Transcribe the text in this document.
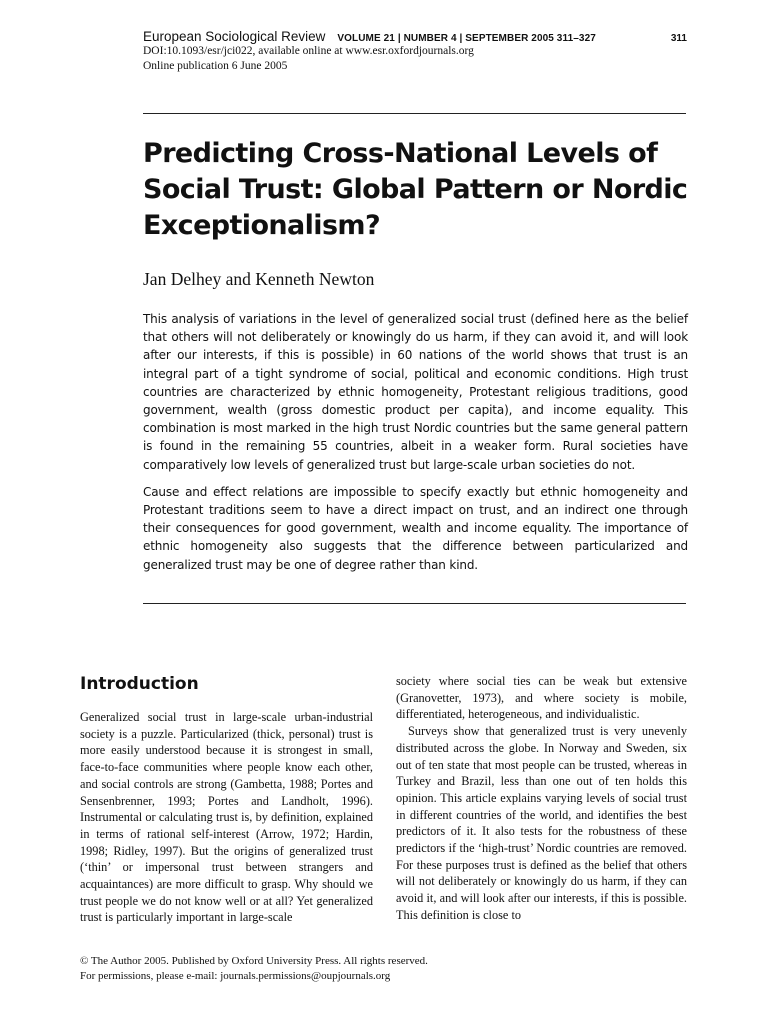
European Sociological Review VOLUME 21 | NUMBER 4 | SEPTEMBER 2005 311–327	311
DOI:10.1093/esr/jci022, available online at www.esr.oxfordjournals.org
Online publication 6 June 2005
Predicting Cross-National Levels of Social Trust: Global Pattern or Nordic Exceptionalism?

Jan Delhey and Kenneth Newton

This analysis of variations in the level of generalized social trust (defined here as the belief that others will not deliberately or knowingly do us harm, if they can avoid it, and will look after our interests, if this is possible) in 60 nations of the world shows that trust is an integral part of a tight syndrome of social, political and economic conditions. High trust countries are characterized by ethnic homogeneity, Protestant religious traditions, good government, wealth (gross domestic product per capita), and income equality. This combination is most marked in the high trust Nordic countries but the same general pattern is found in the remaining 55 countries, albeit in a weaker form. Rural societies have comparatively low levels of generalized trust but large-scale urban societies do not.

Cause and effect relations are impossible to specify exactly but ethnic homogeneity and Protestant traditions seem to have a direct impact on trust, and an indirect one through their consequences for good government, wealth and income equality. The importance of ethnic homogeneity also suggests that the difference between particularized and generalized trust may be one of degree rather than kind.

Introduction

Generalized social trust in large-scale urban-industrial society is a puzzle. Particularized (thick, personal) trust is more easily understood because it is strongest in small, face-to-face communities where people know each other, and social controls are strong (Gambetta, 1988; Portes and Sensenbrenner, 1993; Portes and Landholt, 1996). Instrumental or calculating trust is, by definition, explained in terms of rational self-interest (Arrow, 1972; Hardin, 1998; Ridley, 1997). But the origins of generalized trust (‘thin’ or impersonal trust between strangers and acquaintances) are more difficult to grasp. Why should we trust people we do not know well or at all? Yet generalized trust is particularly important in large-scale

society where social ties can be weak but extensive (Granovetter, 1973), and where society is mobile, differentiated, heterogeneous, and individualistic.

Surveys show that generalized trust is very unevenly distributed across the globe. In Norway and Sweden, six out of ten state that most people can be trusted, whereas in Turkey and Brazil, less than one out of ten holds this opinion. This article explains varying levels of social trust in different countries of the world, and identifies the best predictors of it. It also tests for the robustness of these predictors if the ‘high-trust’ Nordic countries are removed. For these purposes trust is defined as the belief that others will not deliberately or knowingly do us harm, if they can avoid it, and will look after our interests, if this is possible. This definition is close to

© The Author 2005. Published by Oxford University Press. All rights reserved.
For permissions, please e-mail: journals.permissions@oupjournals.org
